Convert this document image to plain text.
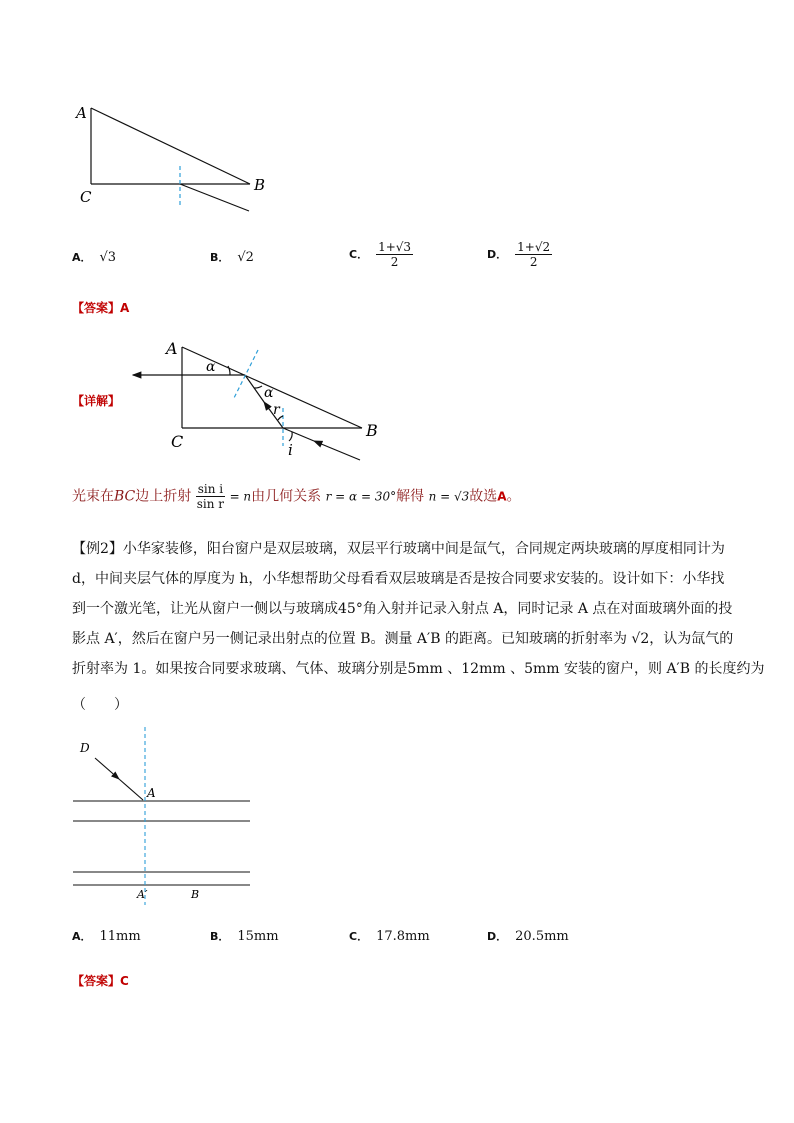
A
B
C
A
B
C
α
α
r
i
D
A
A′	B
A． √3	B． √2	C． $\frac{1+√3}{2}$	D． $\frac{1+√2}{2}$
【答案】A
【详解】
光束在BC边上折射 $\frac{\text{sin i}}{\text{sin r}} = n$由几何关系 r = α = 30°解得 n = √3故选A。
【例2】小华家装修，阳台窗户是双层玻璃，双层平行玻璃中间是氙气，合同规定两块玻璃的厚度相同计为
d，中间夹层气体的厚度为 h，小华想帮助父母看看双层玻璃是否是按合同要求安装的。设计如下：小华找
到一个激光笔，让光从窗户一侧以与玻璃成45°角入射并记录入射点 A，同时记录 A 点在对面玻璃外面的投
影点 A′，然后在窗户另一侧记录出射点的位置 B。测量 A′B 的距离。已知玻璃的折射率为 √2，认为氙气的
折射率为 1。如果按合同要求玻璃、气体、玻璃分别是5mm 、12mm 、5mm 安装的窗户，则 A′B 的长度约为
（　　）
A． 11mm	B． 15mm	C． 17.8mm	D． 20.5mm
【答案】C
